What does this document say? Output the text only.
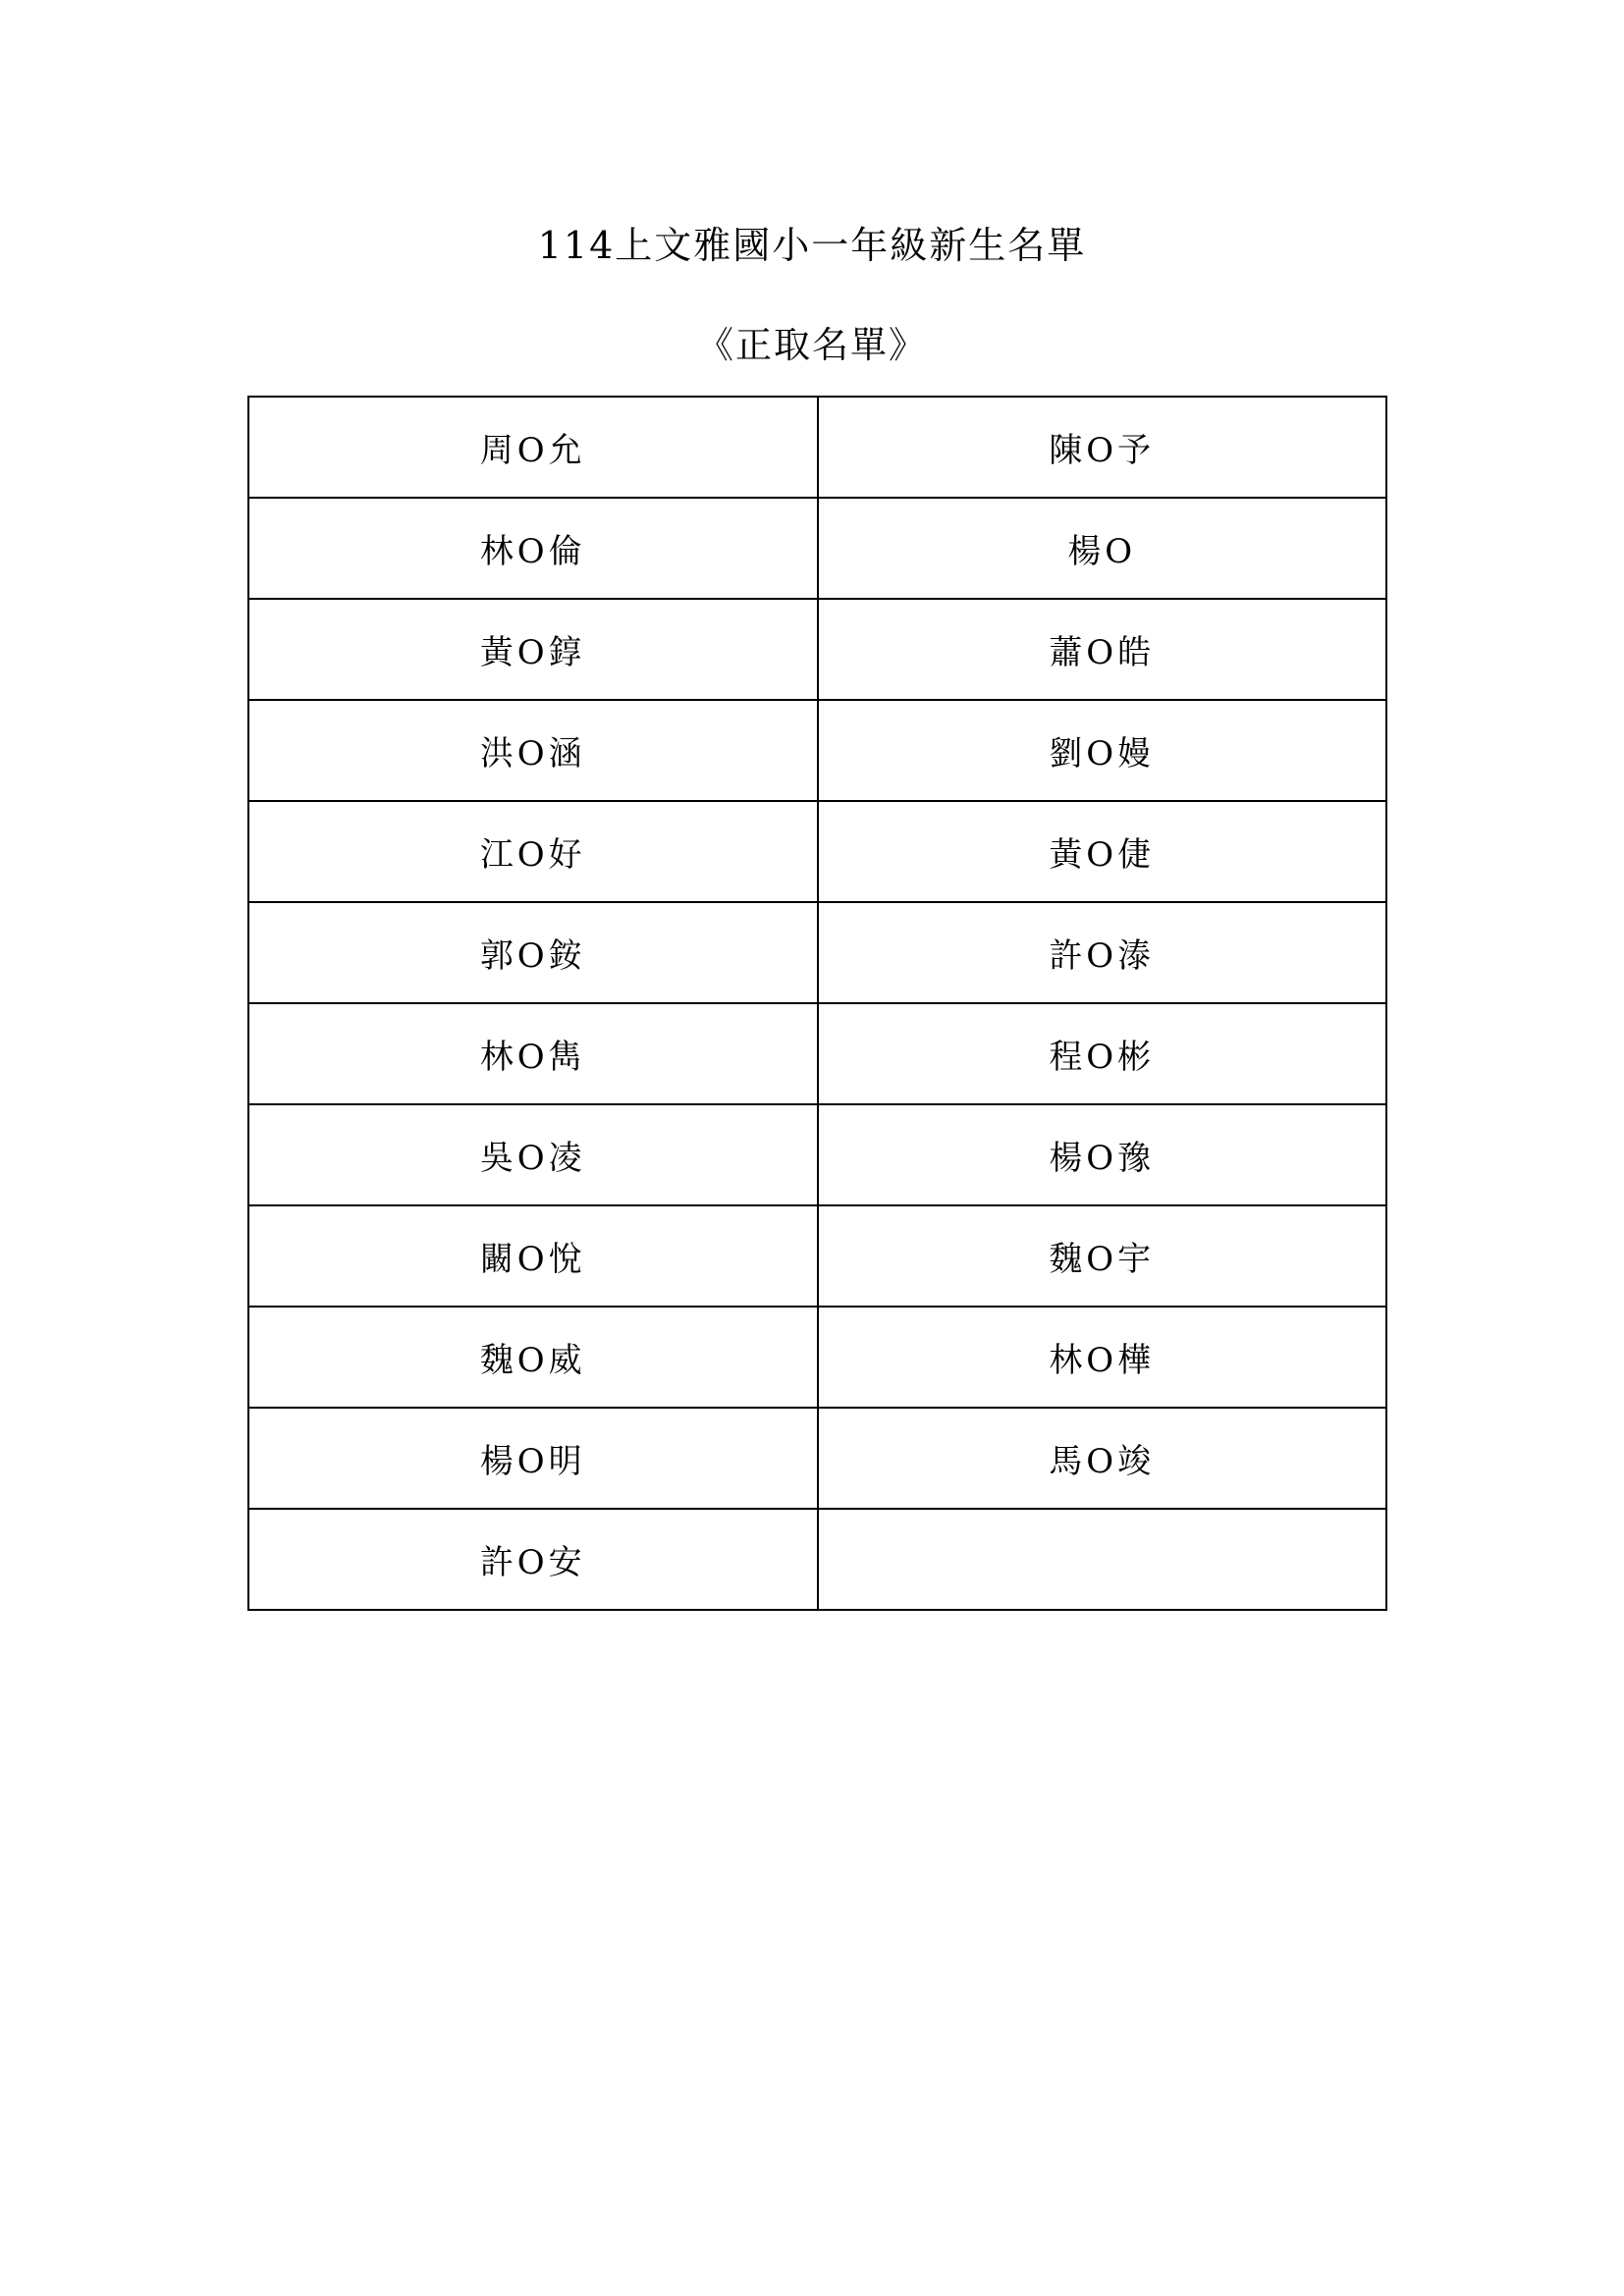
114上文雅國小一年級新生名單
《正取名單》
周O允	陳O予
林O倫	楊O
黃O錞	蕭O皓
洪O涵	劉O嫚
江O好	黃O倢
郭O銨	許O溙
林O雋	程O彬
吳O凌	楊O豫
闞O悅	魏O宇
魏O威	林O樺
楊O明	馬O竣
許O安	
